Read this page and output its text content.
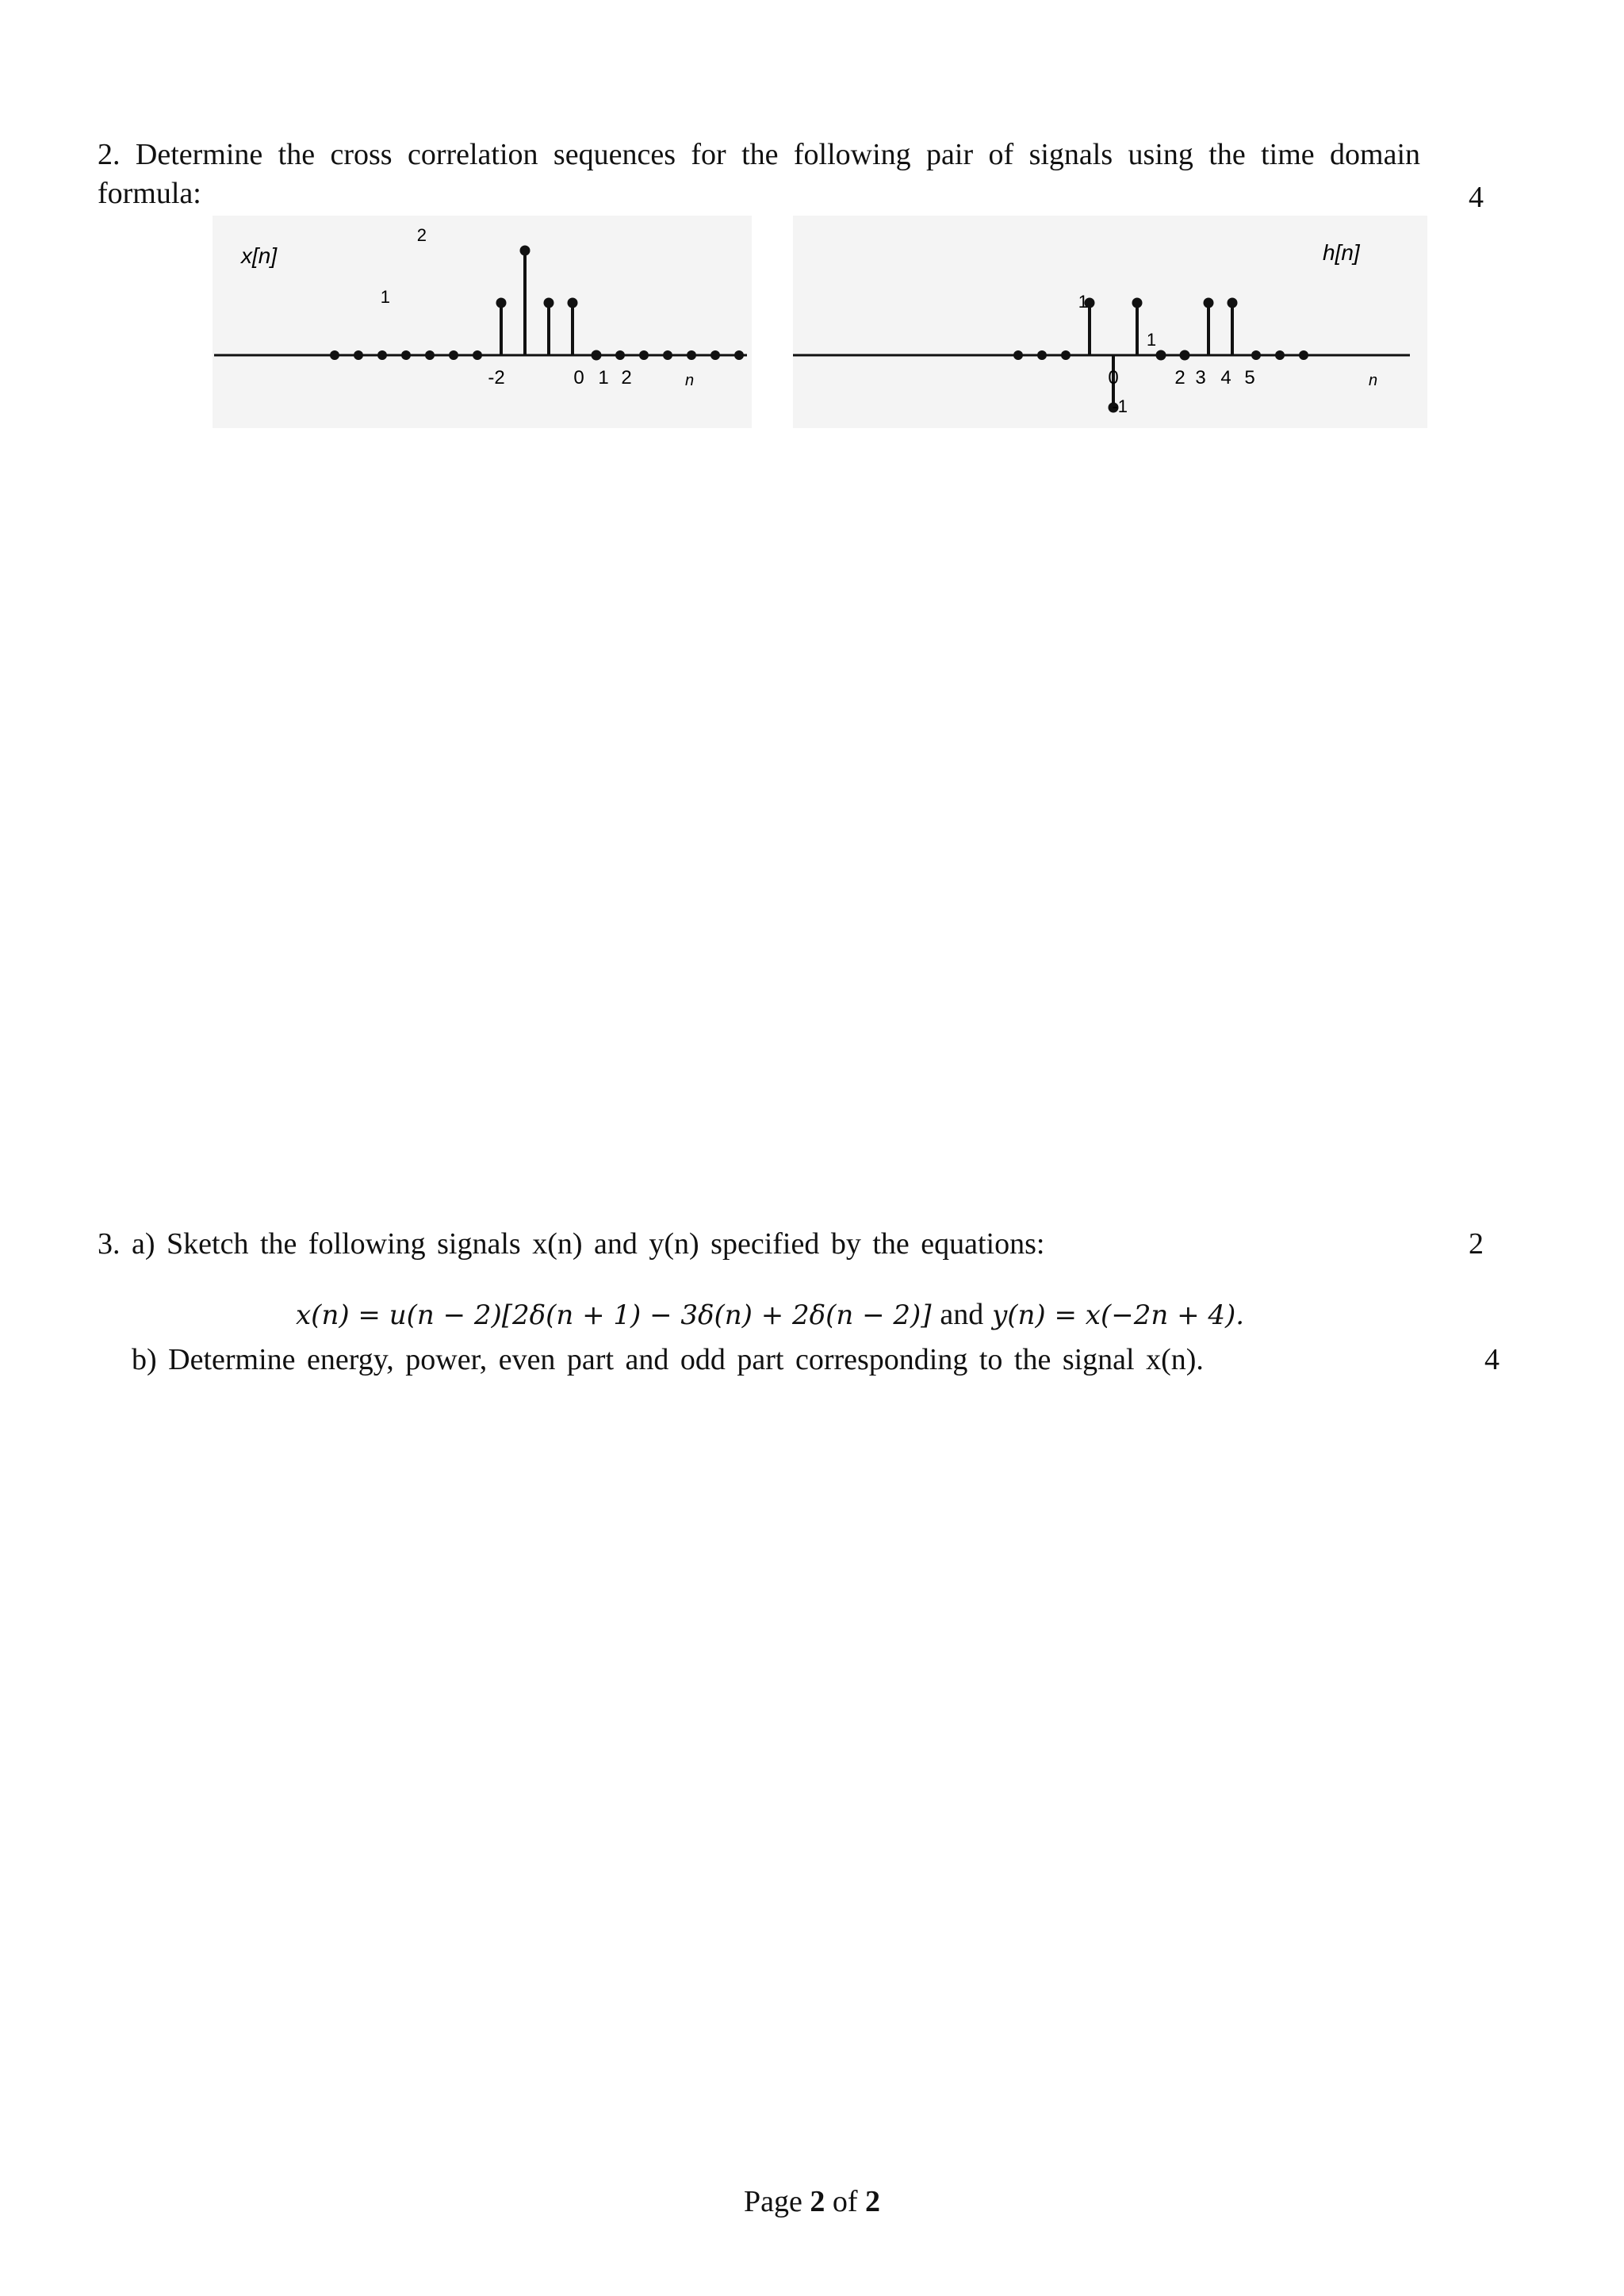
2. Determine the cross correlation sequences for the following pair of signals using the time domain
formula:	4
x[n]
n
-2	0 1 2
1
2
h[n]
n
0	2 3 4 5
1
1
-1
3. a) Sketch the following signals x(n) and y(n) specified by the equations:	2
x(n) = u(n − 2)[2δ(n + 1) − 3δ(n) + 2δ(n − 2)] and y(n) = x(−2n + 4).
b) Determine energy, power, even part and odd part corresponding to the signal x(n).	4
Page 2 of 2
